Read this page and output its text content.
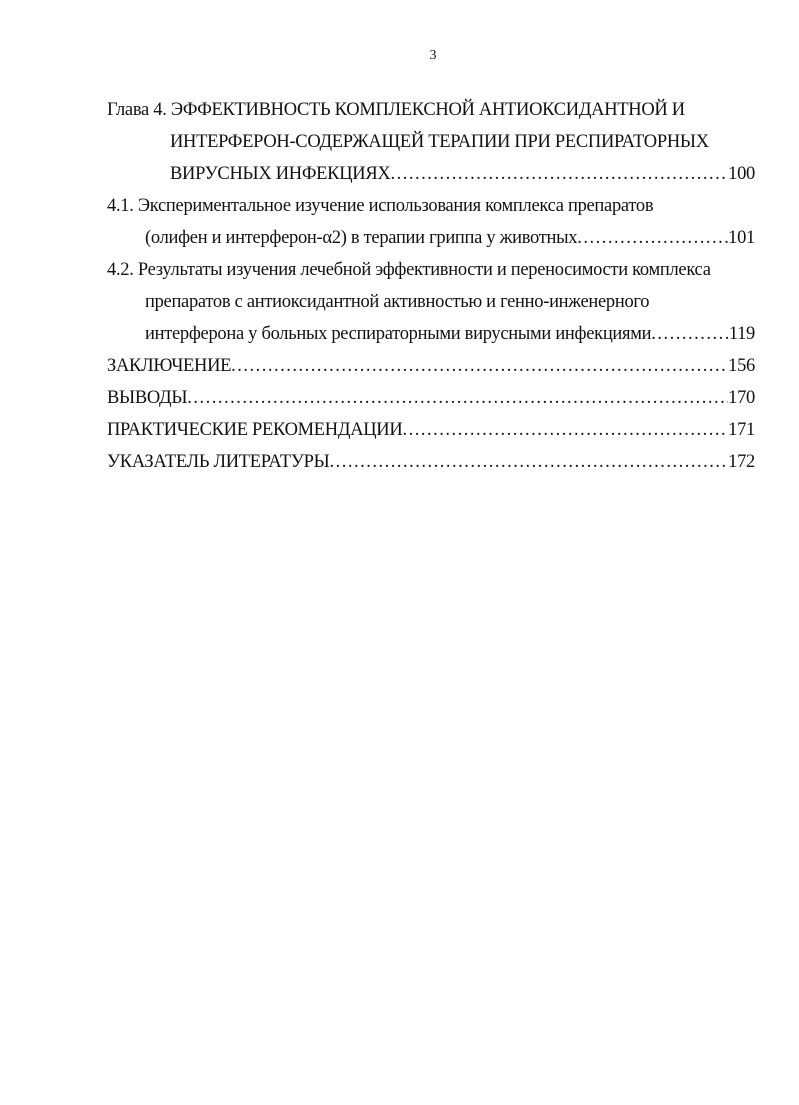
3
Глава 4. ЭФФЕКТИВНОСТЬ КОМПЛЕКСНОЙ АНТИОКСИДАНТНОЙ И
ИНТЕРФЕРОН-СОДЕРЖАЩЕЙ ТЕРАПИИ ПРИ РЕСПИРАТОРНЫХ
ВИРУСНЫХ ИНФЕКЦИЯХ .....	100
4.1. Экспериментальное изучение использования комплекса препаратов
(олифен и интерферон-α2) в терапии гриппа у животных .....	101
4.2. Результаты изучения лечебной эффективности и переносимости комплекса
препаратов с антиоксидантной активностью и генно-инженерного
интерферона у больных респираторными вирусными инфекциями .....	119
ЗАКЛЮЧЕНИЕ .....	156
ВЫВОДЫ .....	170
ПРАКТИЧЕСКИЕ РЕКОМЕНДАЦИИ .....	171
УКАЗАТЕЛЬ ЛИТЕРАТУРЫ .....	172
